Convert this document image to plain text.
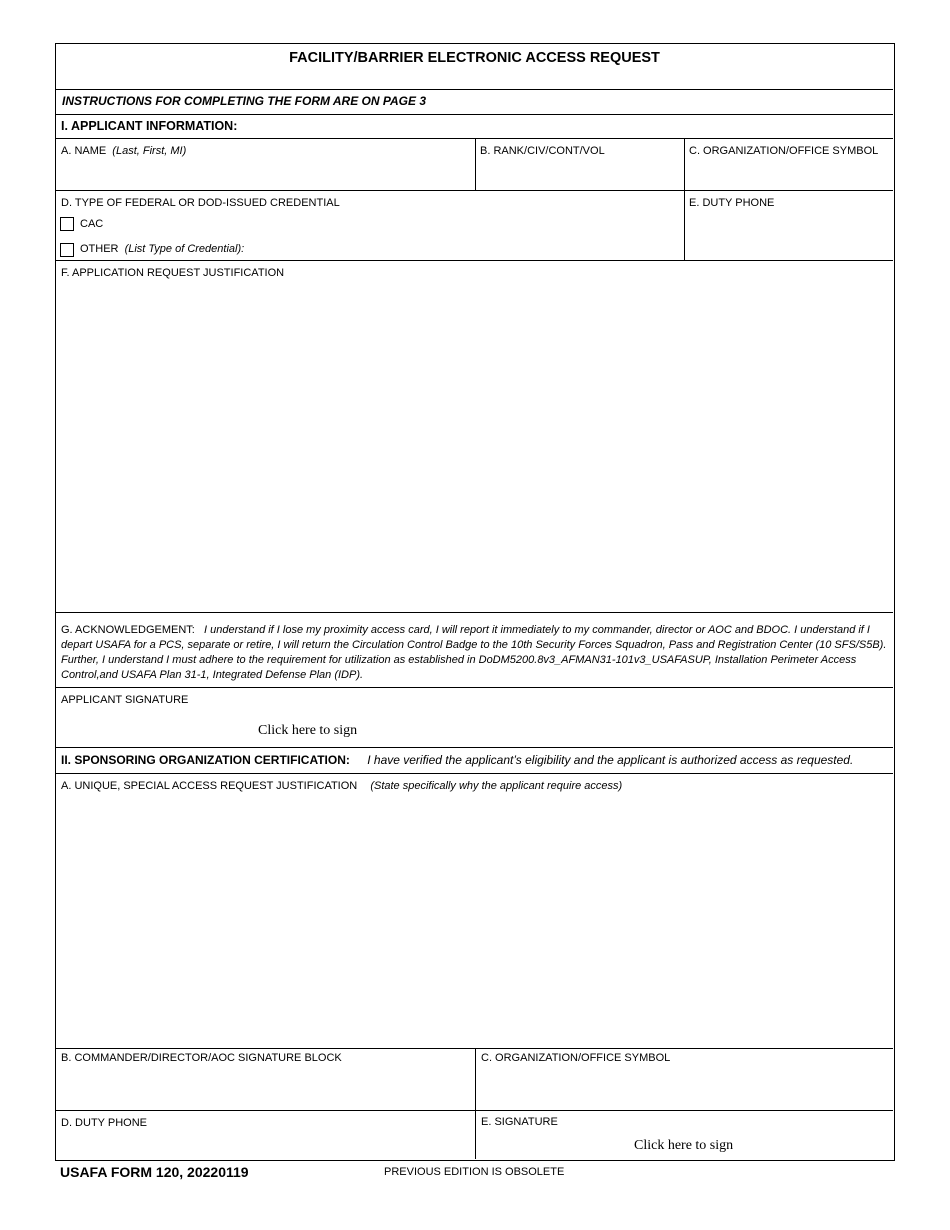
FACILITY/BARRIER ELECTRONIC ACCESS REQUEST
INSTRUCTIONS FOR COMPLETING THE FORM ARE ON PAGE 3
I. APPLICANT INFORMATION:
A. NAME (Last, First, MI)	B. RANK/CIV/CONT/VOL	C. ORGANIZATION/OFFICE SYMBOL
D. TYPE OF FEDERAL OR DOD-ISSUED CREDENTIAL
CAC
OTHER (List Type of Credential):
E. DUTY PHONE
F. APPLICATION REQUEST JUSTIFICATION
G. ACKNOWLEDGEMENT: I understand if I lose my proximity access card, I will report it immediately to my commander, director or AOC and BDOC. I understand if I depart USAFA for a PCS, separate or retire, I will return the Circulation Control Badge to the 10th Security Forces Squadron, Pass and Registration Center (10 SFS/S5B). Further, I understand I must adhere to the requirement for utilization as established in DoDM5200.8v3_AFMAN31-101v3_USAFASUP, Installation Perimeter Access Control,and USAFA Plan 31-1, Integrated Defense Plan (IDP).
APPLICANT SIGNATURE
Click here to sign
II. SPONSORING ORGANIZATION CERTIFICATION: I have verified the applicant’s eligibility and the applicant is authorized access as requested.
A. UNIQUE, SPECIAL ACCESS REQUEST JUSTIFICATION (State specifically why the applicant require access)
B. COMMANDER/DIRECTOR/AOC SIGNATURE BLOCK	C. ORGANIZATION/OFFICE SYMBOL
D. DUTY PHONE	E. SIGNATURE
Click here to sign
USAFA FORM 120, 20220119	PREVIOUS EDITION IS OBSOLETE
